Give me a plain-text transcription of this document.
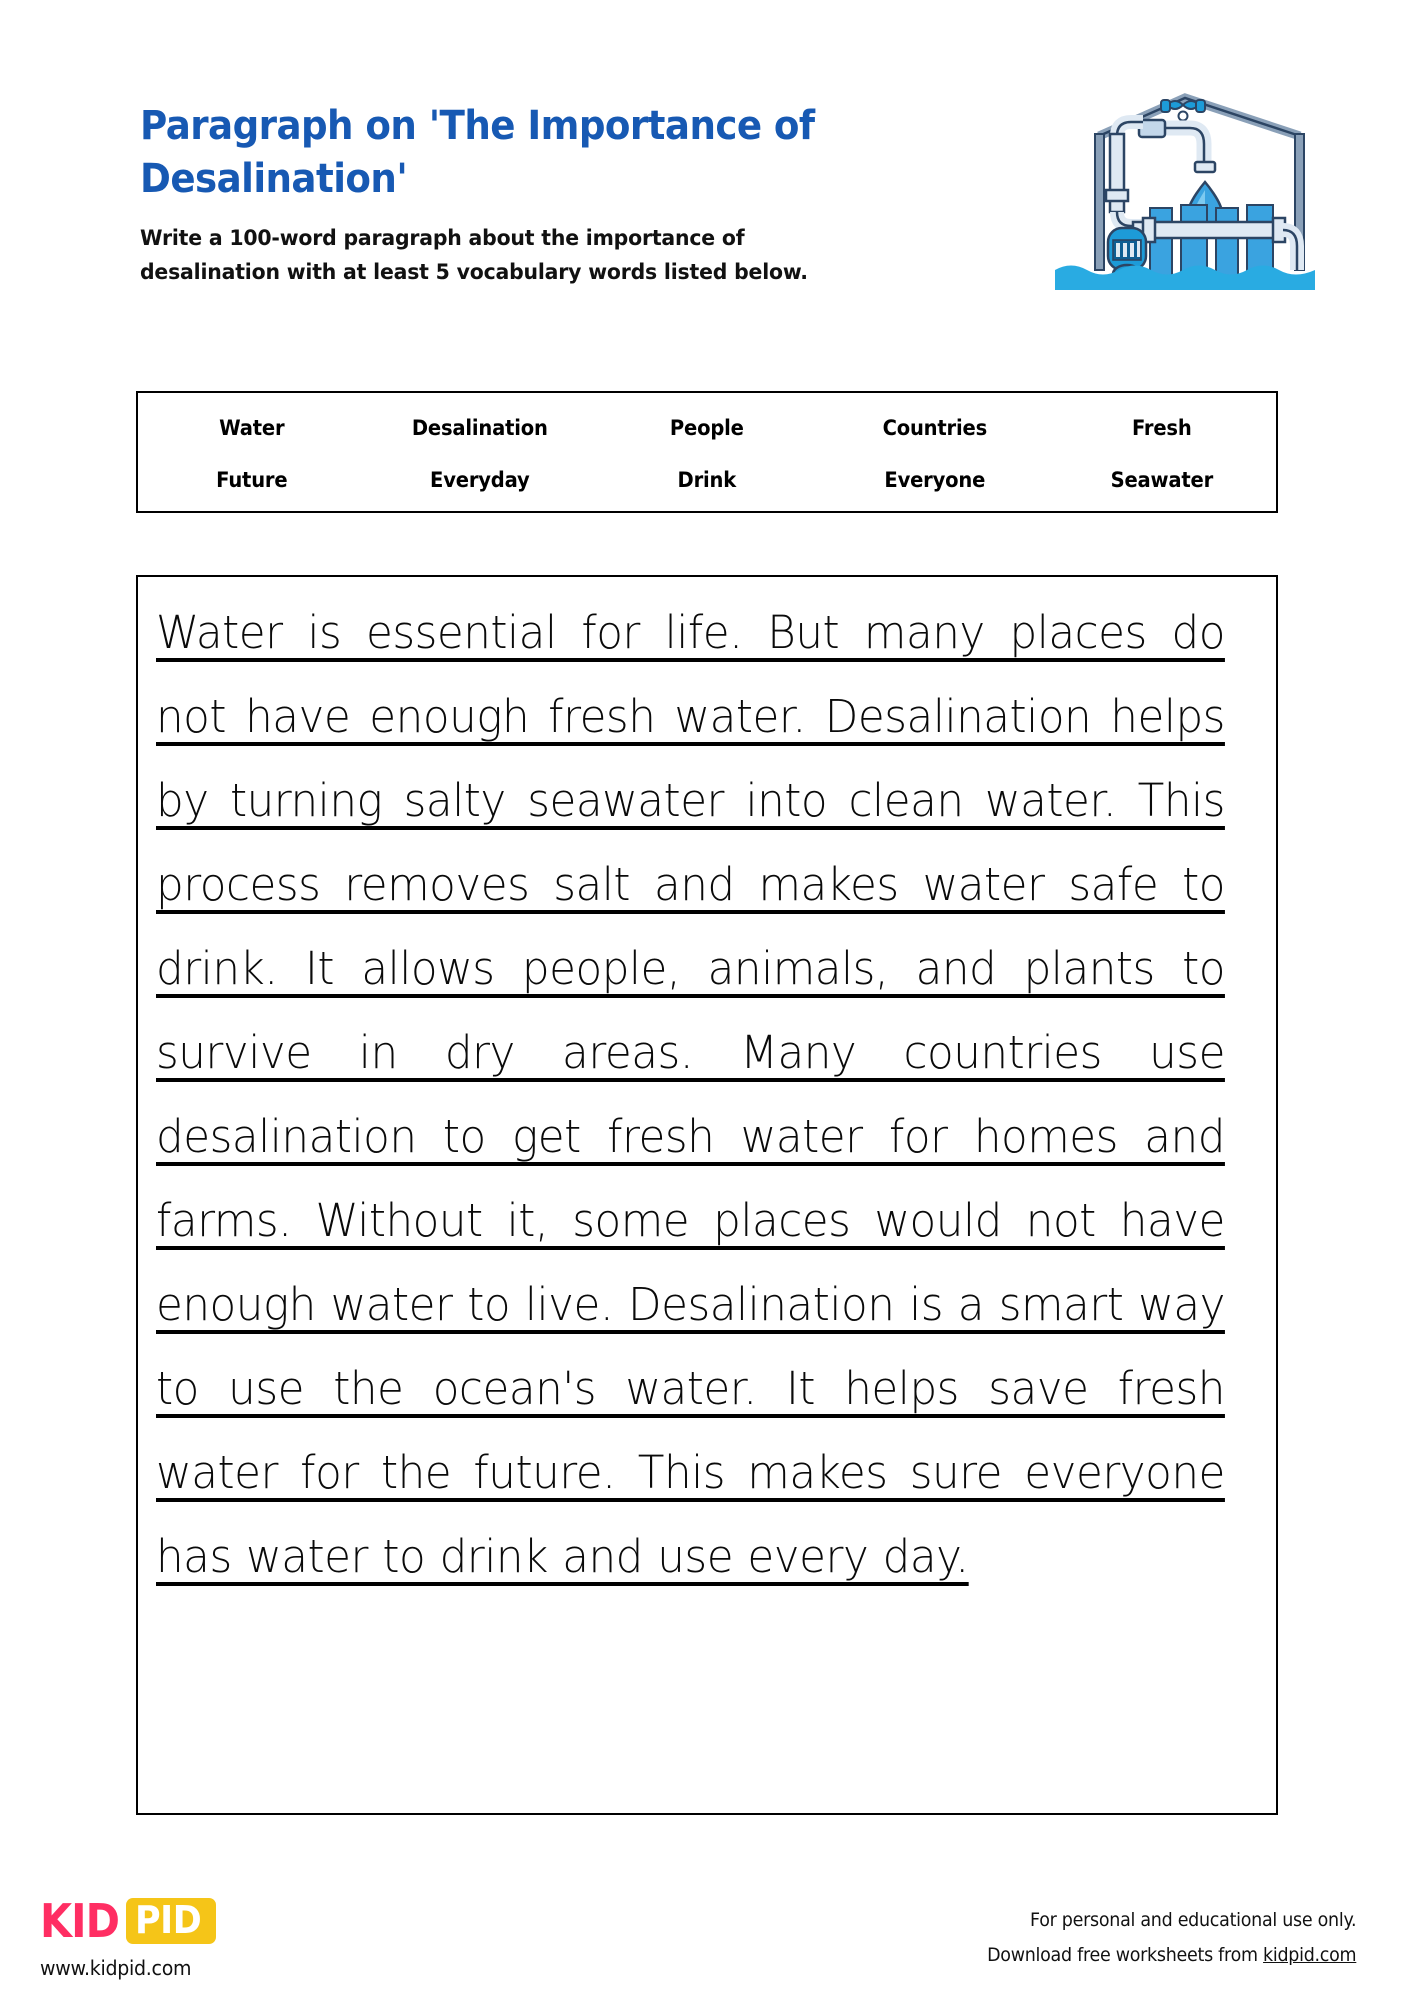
Paragraph on 'The Importance of Desalination'
Write a 100-word paragraph about the importance of desalination with at least 5 vocabulary words listed below.
Water	Desalination	People	Countries	Fresh
Future	Everyday	Drink	Everyone	Seawater
Water is essential for life. But many places do not have enough fresh water. Desalination helps by turning salty seawater into clean water. This process removes salt and makes water safe to drink. It allows people, animals, and plants to survive in dry areas. Many countries use desalination to get fresh water for homes and farms. Without it, some places would not have enough water to live. Desalination is a smart way to use the ocean's water. It helps save fresh water for the future. This makes sure everyone has water to drink and use every day.
KID PID
www.kidpid.com
For personal and educational use only.
Download free worksheets from kidpid.com
